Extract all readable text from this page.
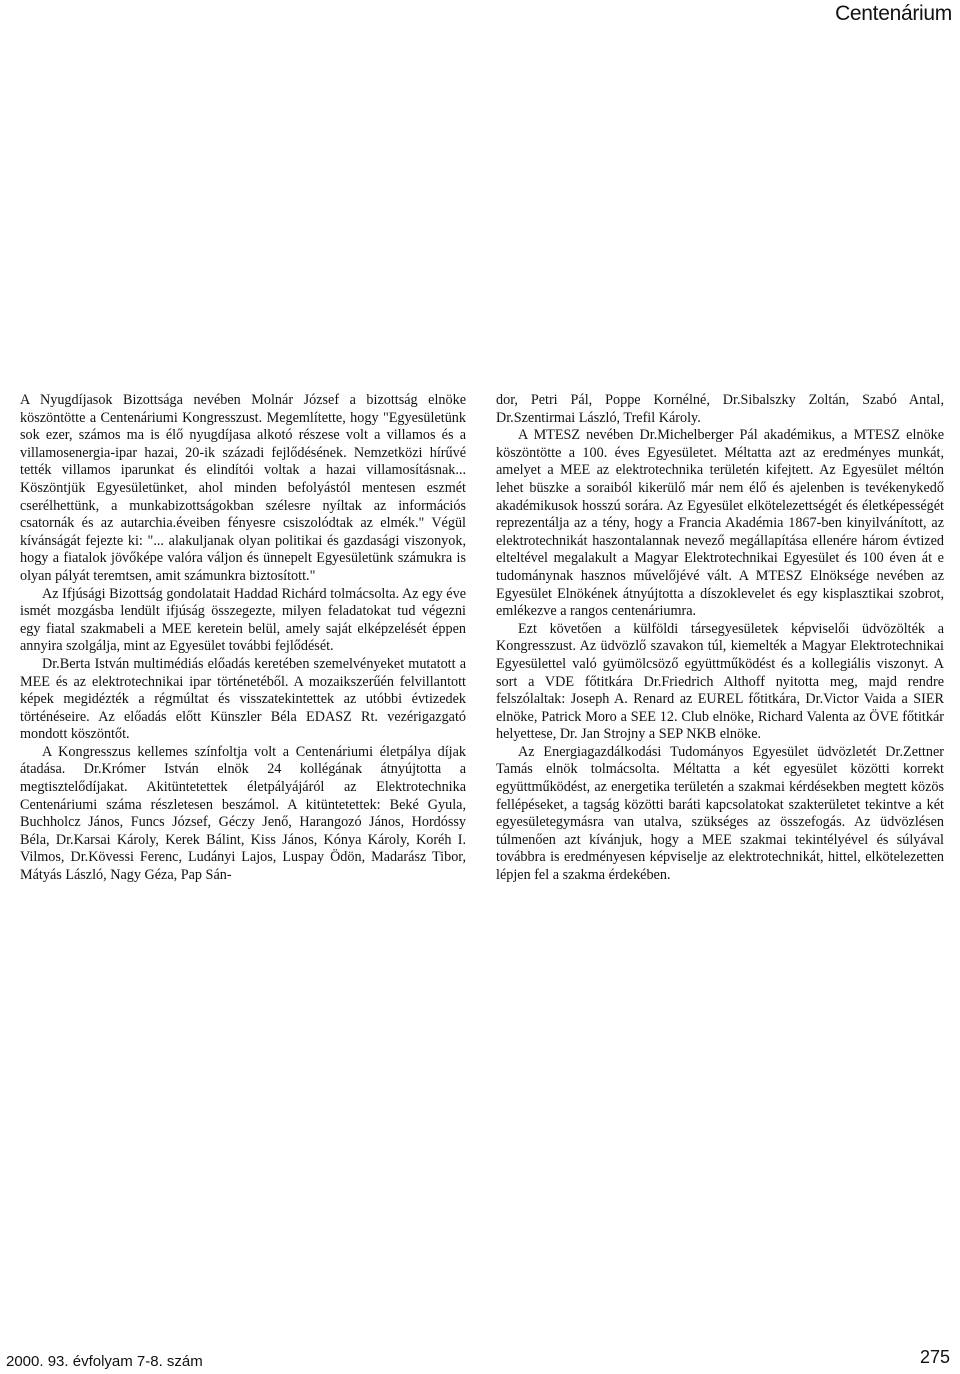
Centenárium

A Nyugdíjasok Bizottsága nevében Molnár József a bizottság elnöke köszöntötte a Centenáriumi Kongresszust. Megemlítette, hogy "Egyesületünk sok ezer, számos ma is élő nyugdíjasa alkotó részese volt a villamos és a villamosenergia-ipar hazai, 20-ik századi fejlődésének. Nemzetközi hírűvé tették villamos iparunkat és elindítói voltak a hazai villamosításnak... Köszöntjük Egyesületünket, ahol minden befolyástól mentesen eszmét cserélhettünk, a munkabizottságokban szélesre nyíltak az információs csatornák és az autarchia.éveiben fényesre csiszolódtak az elmék." Végül kívánságát fejezte ki: "... alakuljanak olyan politikai és gazdasági viszonyok, hogy a fiatalok jövőképe valóra váljon és ünnepelt Egyesületünk számukra is olyan pályát teremtsen, amit számunkra biztosított."

Az Ifjúsági Bizottság gondolatait Haddad Richárd tolmácsolta. Az egy éve ismét mozgásba lendült ifjúság összegezte, milyen feladatokat tud végezni egy fiatal szakmabeli a MEE keretein belül, amely saját elképzelését éppen annyira szolgálja, mint az Egyesület további fejlődését.

Dr.Berta István multimédiás előadás keretében szemelvényeket mutatott a MEE és az elektrotechnikai ipar történetéből. A mozaikszerűén felvillantott képek megidézték a régmúltat és visszatekintettek az utóbbi évtizedek történéseire. Az előadás előtt Künszler Béla EDASZ Rt. vezérigazgató mondott köszöntőt.

A Kongresszus kellemes színfoltja volt a Centenáriumi életpálya díjak átadása. Dr.Krómer István elnök 24 kollégának átnyújtotta a megtisztelődíjakat. Akitüntetettek életpályájáról az Elektrotechnika Centenáriumi száma részletesen beszámol. A kitüntetettek: Beké Gyula, Buchholcz János, Funcs József, Géczy Jenő, Harangozó János, Hordóssy Béla, Dr.Karsai Károly, Kerek Bálint, Kiss János, Kónya Károly, Koréh I. Vilmos, Dr.Kövessi Ferenc, Ludányi Lajos, Luspay Ödön, Madarász Tibor, Mátyás László, Nagy Géza, Pap Sán-

dor, Petri Pál, Poppe Kornélné, Dr.Sibalszky Zoltán, Szabó Antal, Dr.Szentirmai László, Trefil Károly.

A MTESZ nevében Dr.Michelberger Pál akadémikus, a MTESZ elnöke köszöntötte a 100. éves Egyesületet. Méltatta azt az eredményes munkát, amelyet a MEE az elektrotechnika területén kifejtett. Az Egyesület méltón lehet büszke a soraiból kikerülő már nem élő és ajelenben is tevékenykedő akadémikusok hosszú sorára. Az Egyesület elkötelezettségét és életképességét reprezentálja az a tény, hogy a Francia Akadémia 1867-ben kinyilvánított, az elektrotechnikát haszontalannak nevező megállapítása ellenére három évtized elteltével megalakult a Magyar Elektrotechnikai Egyesület és 100 éven át e tudománynak hasznos művelőjévé vált. A MTESZ Elnöksége nevében az Egyesület Elnökének átnyújtotta a díszoklevelet és egy kisplasztikai szobrot, emlékezve a rangos centenáriumra.

Ezt követően a külföldi társegyesületek képviselői üdvözölték a Kongresszust. Az üdvözlő szavakon túl, kiemelték a Magyar Elektrotechnikai Egyesülettel való gyümölcsöző együttműködést és a kollegiális viszonyt. A sort a VDE főtitkára Dr.Friedrich Althoff nyitotta meg, majd rendre felszólaltak: Joseph A. Renard az EUREL főtitkára, Dr.Victor Vaida a SIER elnöke, Patrick Moro a SEE 12. Club elnöke, Richard Valenta az ÖVE főtitkár helyettese, Dr. Jan Strojny a SEP NKB elnöke.

Az Energiagazdálkodási Tudományos Egyesület üdvözletét Dr.Zettner Tamás elnök tolmácsolta. Méltatta a két egyesület közötti korrekt együttműködést, az energetika területén a szakmai kérdésekben megtett közös fellépéseket, a tagság közötti baráti kapcsolatokat szakterületet tekintve a két egyesületegymásra van utalva, szükséges az összefogás. Az üdvözlésen túlmenően azt kívánjuk, hogy a MEE szakmai tekintélyével és súlyával továbbra is eredményesen képviselje az elektrotechnikát, hittel, elkötelezetten lépjen fel a szakma érdekében.

2000. 93. évfolyam 7-8. szám	275
